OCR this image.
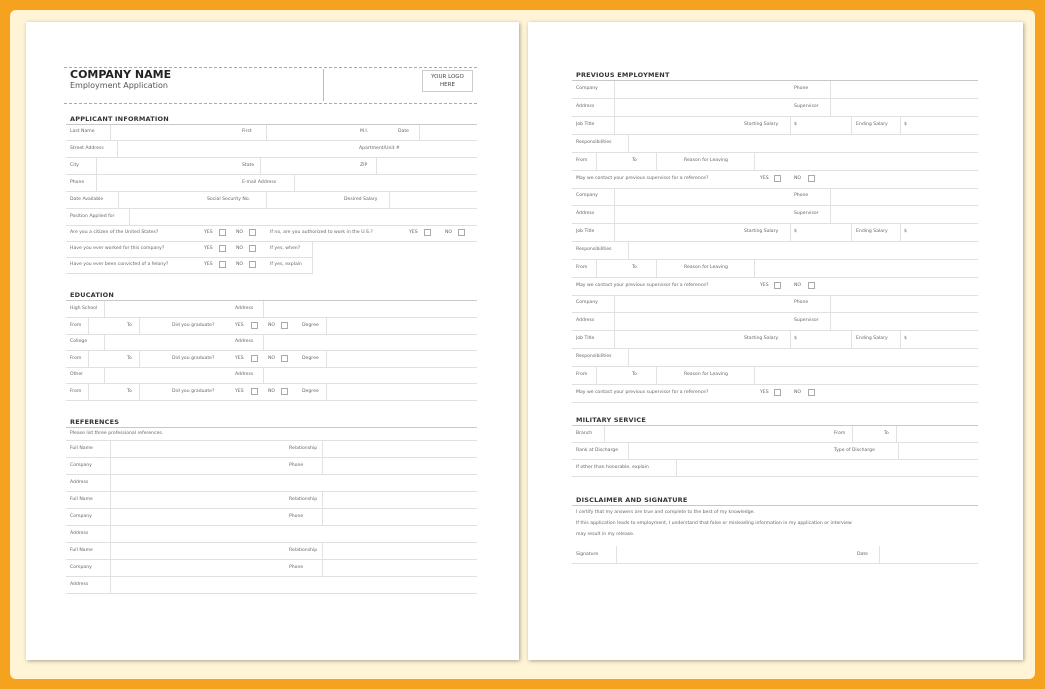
COMPANY NAME
Employment Application
YOUR LOGO HERE
APPLICANT INFORMATION
Last Name	First	M.I.	Date
Street Address	Apartment/Unit #
City	State	ZIP
Phone	E-mail Address
Date Available	Social Security No.	Desired Salary
Position Applied for
Are you a citizen of the United States?	YES	NO	If no, are you authorized to work in the U.S.?	YES	NO
Have you ever worked for this company?	YES	NO	If yes, when?
Have you ever been convicted of a felony?	YES	NO	If yes, explain
EDUCATION
High School	Address
From	To	Did you graduate?	YES	NO	Degree
College	Address
From	To	Did you graduate?	YES	NO	Degree
Other	Address
From	To	Did you graduate?	YES	NO	Degree
REFERENCES
Please list three professional references.
Full Name	Relationship
Company	Phone
Address
Full Name	Relationship
Company	Phone
Address
Full Name	Relationship
Company	Phone
Address
PREVIOUS EMPLOYMENT
MILITARY SERVICE
Branch	From	To
Rank at Discharge	Type of Discharge
If other than honorable, explain
DISCLAIMER AND SIGNATURE
I certify that my answers are true and complete to the best of my knowledge.
If this application leads to employment, I understand that false or misleading information in my application or interview
may result in my release.
Signature	Date
Company	Phone
Address	Supervisor
Job Title	Starting Salary	$	Ending Salary	$
Responsibilities
From	To	Reason for Leaving
May we contact your previous supervisor for a reference?	YES	NO
Company	Phone
Address	Supervisor
Job Title	Starting Salary	$	Ending Salary	$
Responsibilities
From	To	Reason for Leaving
May we contact your previous supervisor for a reference?	YES	NO
Company	Phone
Address	Supervisor
Job Title	Starting Salary	$	Ending Salary	$
Responsibilities
From	To	Reason for Leaving
May we contact your previous supervisor for a reference?	YES	NO
